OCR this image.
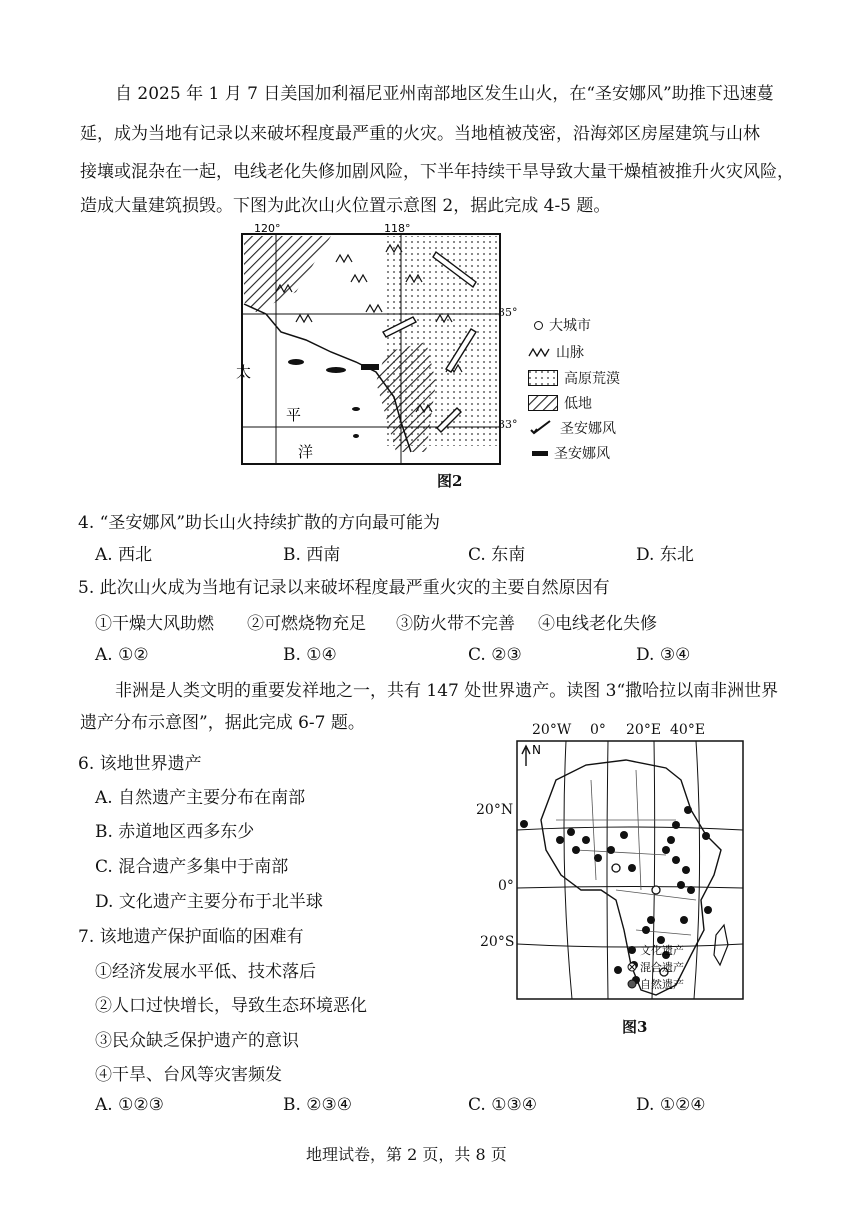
自 2025 年 1 月 7 日美国加利福尼亚州南部地区发生山火，在“圣安娜风”助推下迅速蔓
延，成为当地有记录以来破坏程度最严重的火灾。当地植被茂密，沿海郊区房屋建筑与山林
接壤或混杂在一起，电线老化失修加剧风险，下半年持续干旱导致大量干燥植被推升火灾风险，
造成大量建筑损毁。下图为此次山火位置示意图 2，据此完成 4-5 题。
120°	118°
太
平
洋
35°
33°
大城市
山脉
高原荒漠
低地
圣安娜风
圣安娜风
图2
4. “圣安娜风”助长山火持续扩散的方向最可能为
A. 西北	B. 西南	C. 东南	D. 东北
5. 此次山火成为当地有记录以来破坏程度最严重火灾的主要自然原因有
①干燥大风助燃 ②可燃烧物充足 ③防火带不完善 ④电线老化失修
A. ①②	B. ①④	C. ②③	D. ③④
非洲是人类文明的重要发祥地之一，共有 147 处世界遗产。读图 3“撒哈拉以南非洲世界
遗产分布示意图”，据此完成 6-7 题。
6. 该地世界遗产
A. 自然遗产主要分布在南部
B. 赤道地区西多东少
C. 混合遗产多集中于南部
D. 文化遗产主要分布于北半球
7. 该地遗产保护面临的困难有
①经济发展水平低、技术落后
②人口过快增长，导致生态环境恶化
③民众缺乏保护遗产的意识
④干旱、台风等灾害频发
A. ①②③	B. ②③④	C. ①③④	D. ①②④
20°W 0° 20°E 40°E
20°N
0°
20°S
N
文化遗产
混合遗产
自然遗产
图3
地理试卷，第 2 页，共 8 页
